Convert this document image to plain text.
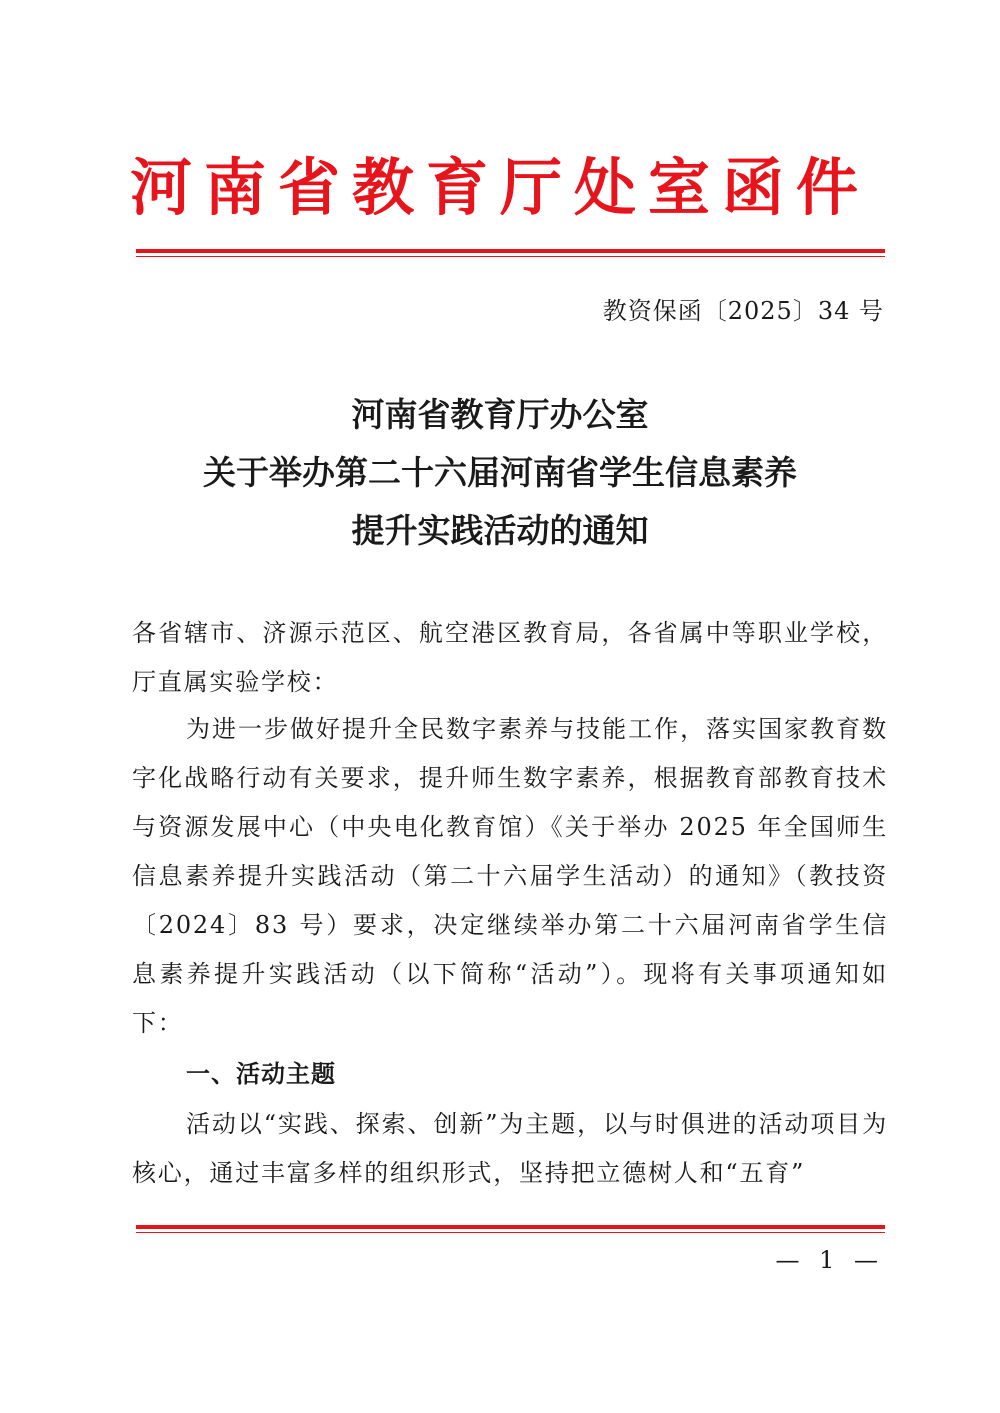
河南省教育厅处室函件
教资保函〔2025〕34 号
河南省教育厅办公室
关于举办第二十六届河南省学生信息素养
提升实践活动的通知
各省辖市、济源示范区、航空港区教育局，各省属中等职业学校，厅直属实验学校：
为进一步做好提升全民数字素养与技能工作，落实国家教育数字化战略行动有关要求，提升师生数字素养，根据教育部教育技术与资源发展中心（中央电化教育馆）《关于举办 2025 年全国师生信息素养提升实践活动（第二十六届学生活动）的通知》（教技资〔2024〕83 号）要求，决定继续举办第二十六届河南省学生信息素养提升实践活动（以下简称“活动”）。现将有关事项通知如下：
一、活动主题
活动以“实践、探索、创新”为主题，以与时俱进的活动项目为核心，通过丰富多样的组织形式，坚持把立德树人和“五育”
— 1 —
